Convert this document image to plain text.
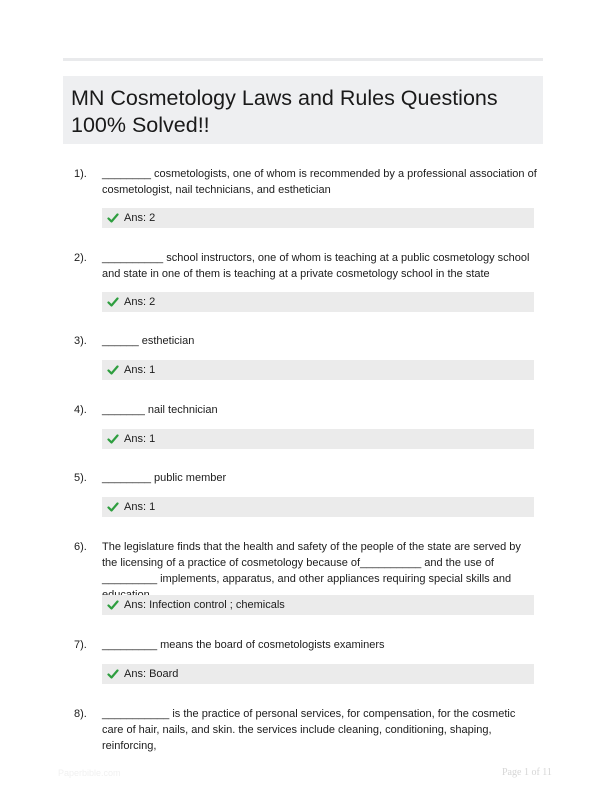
MN Cosmetology Laws and Rules Questions
100% Solved!!
1). ________ cosmetologists, one of whom is recommended by a professional association of cosmetologist, nail technicians, and esthetician
Ans: 2
2). __________ school instructors, one of whom is teaching at a public cosmetology school and state in one of them is teaching at a private cosmetology school in the state
Ans: 2
3). ______ esthetician
Ans: 1
4). _______ nail technician
Ans: 1
5). ________ public member
Ans: 1
6). The legislature finds that the health and safety of the people of the state are served by the licensing of a practice of cosmetology because of__________ and the use of _________ implements, apparatus, and other appliances requiring special skills and
Ans: Infection control ; chemicals
7). _________ means the board of cosmetologists examiners
Ans: Board
8). ___________ is the practice of personal services, for compensation, for the cosmetic care of hair, nails, and skin. the services include cleaning, conditioning, shaping, reinforcing,
Paperbible.com	Page 1 of 11
